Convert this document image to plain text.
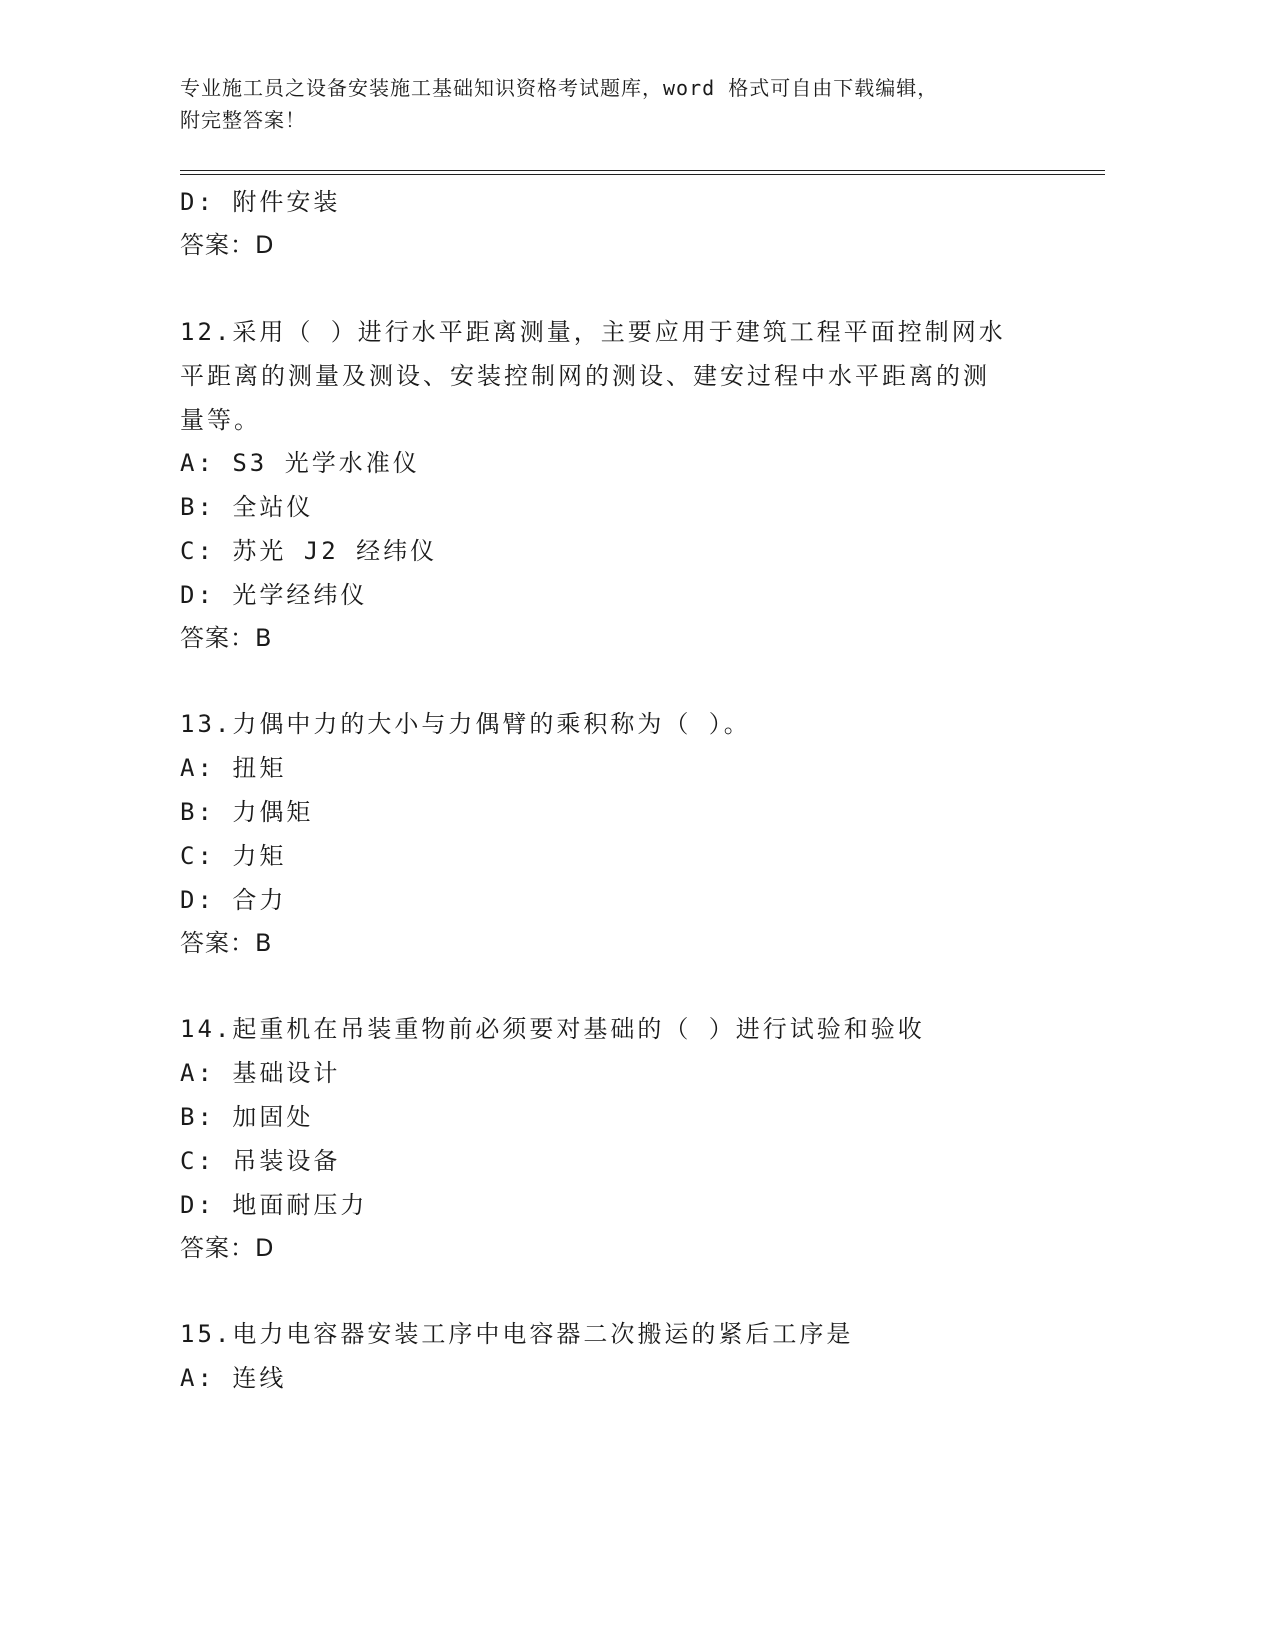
专业施工员之设备安装施工基础知识资格考试题库，word 格式可自由下载编辑，
附完整答案！
D: 附件安装
答案：D
12.采用（ ）进行水平距离测量，主要应用于建筑工程平面控制网水
平距离的测量及测设、安装控制网的测设、建安过程中水平距离的测
量等。
A: S3 光学水准仪
B: 全站仪
C: 苏光 J2 经纬仪
D: 光学经纬仪
答案：B
13.力偶中力的大小与力偶臂的乘积称为（ ）。
A: 扭矩
B: 力偶矩
C: 力矩
D: 合力
答案：B
14.起重机在吊装重物前必须要对基础的（ ）进行试验和验收
A: 基础设计
B: 加固处
C: 吊装设备
D: 地面耐压力
答案：D
15.电力电容器安装工序中电容器二次搬运的紧后工序是
A: 连线
